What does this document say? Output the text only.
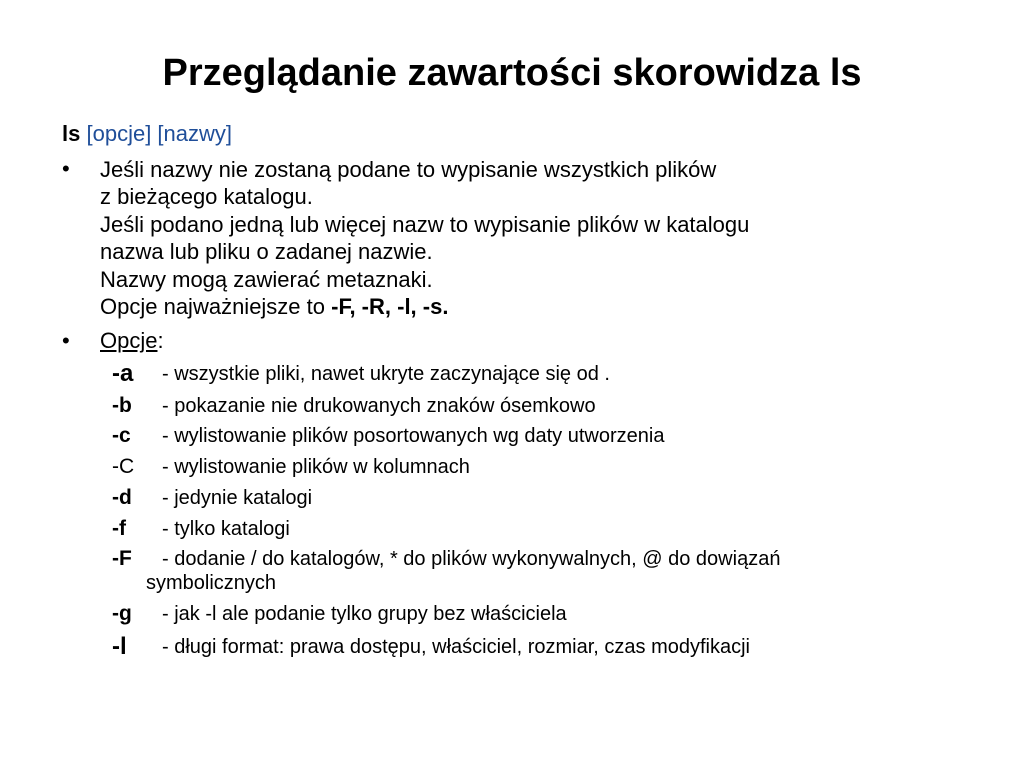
Przeglądanie zawartości skorowidza ls
ls [opcje] [nazwy]
•	Jeśli nazwy nie zostaną podane to wypisanie wszystkich plików
z bieżącego katalogu.
Jeśli podano jedną lub więcej nazw to wypisanie plików w katalogu
nazwa lub pliku o zadanej nazwie.
Nazwy mogą zawierać metaznaki.
Opcje najważniejsze to -F, -R, -l, -s.
•	Opcje:
-a - wszystkie pliki, nawet ukryte zaczynające się od .
-b - pokazanie nie drukowanych znaków ósemkowo
-c - wylistowanie plików posortowanych wg daty utworzenia
-C - wylistowanie plików w kolumnach
-d - jedynie katalogi
-f - tylko katalogi
-F - dodanie / do katalogów, * do plików wykonywalnych, @ do dowiązań
symbolicznych
-g - jak -l ale podanie tylko grupy bez właściciela
-l - długi format: prawa dostępu, właściciel, rozmiar, czas modyfikacji
